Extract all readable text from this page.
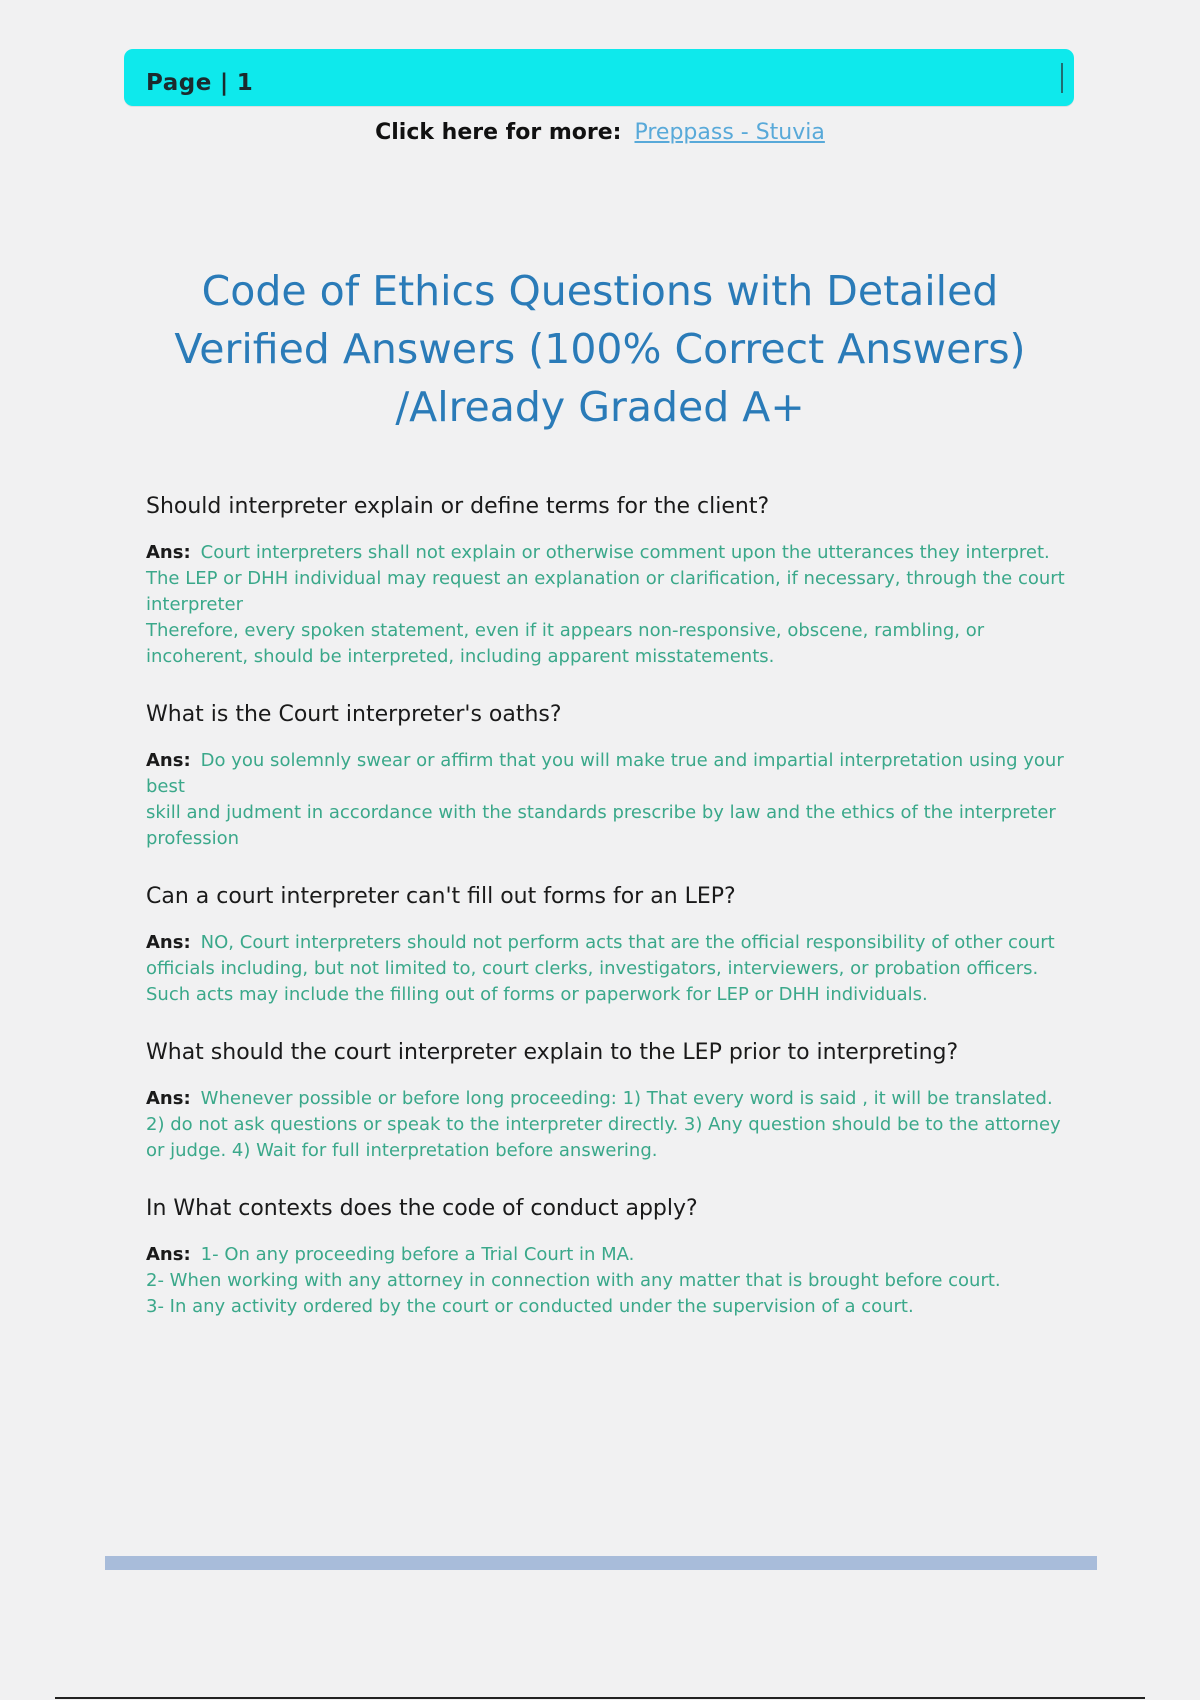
Page | 1
Click here for more: Preppass - Stuvia
Code of Ethics Questions with Detailed
Verified Answers (100% Correct Answers)
/Already Graded A+

Should interpreter explain or define terms for the client?

Ans: Court interpreters shall not explain or otherwise comment upon the utterances they interpret.
The LEP or DHH individual may request an explanation or clarification, if necessary, through the court interpreter
Therefore, every spoken statement, even if it appears non-responsive, obscene, rambling, or incoherent, should be interpreted, including apparent misstatements.

What is the Court interpreter's oaths?

Ans: Do you solemnly swear or affirm that you will make true and impartial interpretation using your best
skill and judment in accordance with the standards prescribe by law and the ethics of the interpreter
profession

Can a court interpreter can't fill out forms for an LEP?

Ans: NO, Court interpreters should not perform acts that are the official responsibility of other court officials including, but not limited to, court clerks, investigators, interviewers, or probation officers. Such acts may include the filling out of forms or paperwork for LEP or DHH individuals.

What should the court interpreter explain to the LEP prior to interpreting?

Ans: Whenever possible or before long proceeding: 1) That every word is said , it will be translated. 2) do not ask questions or speak to the interpreter directly. 3) Any question should be to the attorney or judge. 4) Wait for full interpretation before answering.

In What contexts does the code of conduct apply?

Ans: 1- On any proceeding before a Trial Court in MA.
2- When working with any attorney in connection with any matter that is brought before court.
3- In any activity ordered by the court or conducted under the supervision of a court.
